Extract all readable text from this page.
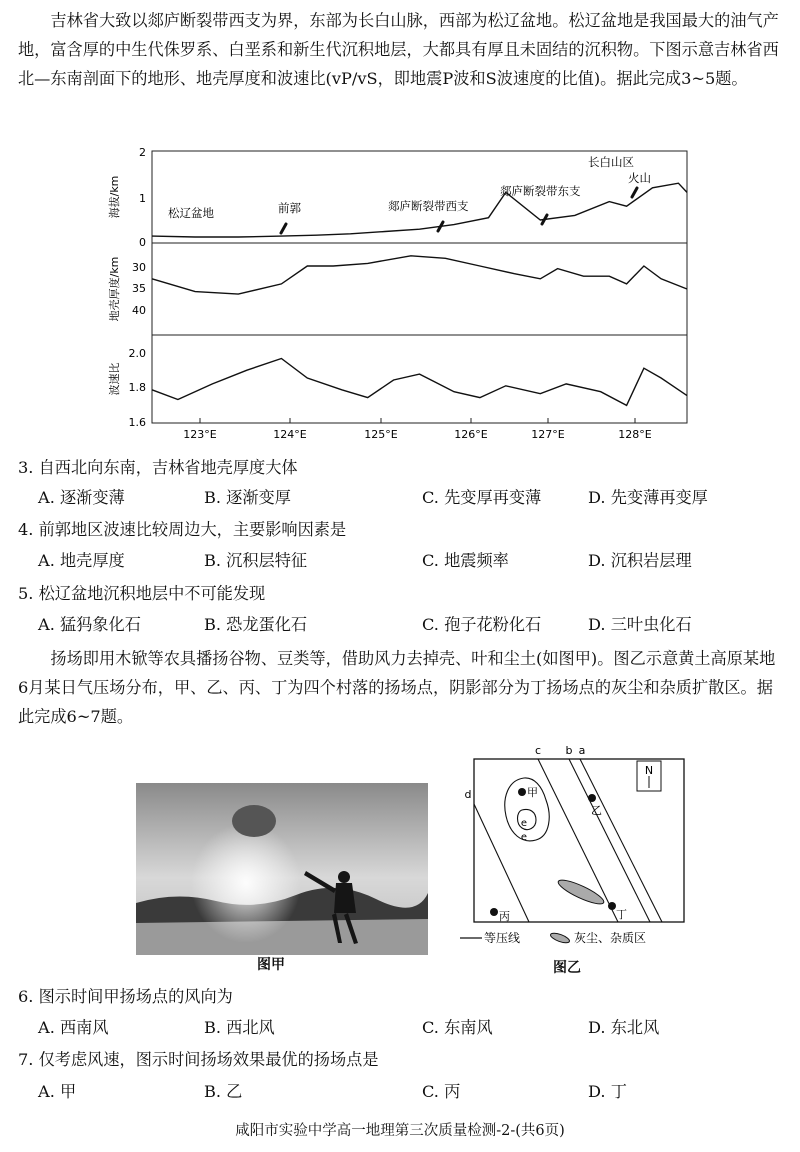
吉林省大致以郯庐断裂带西支为界，东部为长白山脉，西部为松辽盆地。松辽盆地是我国最大的油气产地，富含厚的中生代侏罗系、白垩系和新生代沉积地层，大都具有厚且未固结的沉积物。下图示意吉林省西北—东南剖面下的地形、地壳厚度和波速比(vP/vS，即地震P波和S波速度的比值)。据此完成3~5题。

海拔/km
地壳厚度/km
波速比
2
1
0
30
35
40
2.0
1.8
1.6
123°E	124°E	125°E	126°E	127°E	128°E
松辽盆地	前郭	郯庐断裂带西支
郯庐断裂带东支
长白山区
火山
3. 自西北向东南，吉林省地壳厚度大体
A. 逐渐变薄	B. 逐渐变厚	C. 先变厚再变薄	D. 先变薄再变厚
4. 前郭地区波速比较周边大，主要影响因素是
A. 地壳厚度	B. 沉积层特征	C. 地震频率	D. 沉积岩层理
5. 松辽盆地沉积地层中不可能发现
A. 猛犸象化石	B. 恐龙蛋化石	C. 孢子花粉化石	D. 三叶虫化石

扬场即用木锨等农具播扬谷物、豆类等，借助风力去掉壳、叶和尘土(如图甲)。图乙示意黄土高原某地6月某日气压场分布，甲、乙、丙、丁为四个村落的扬场点，阴影部分为丁扬场点的灰尘和杂质扩散区。据此完成6~7题。

图甲
N
c b a
d
e
e
甲
乙
丙	丁
等压线	灰尘、杂质区
图乙
6. 图示时间甲扬场点的风向为
A. 西南风	B. 西北风	C. 东南风	D. 东北风
7. 仅考虑风速，图示时间扬场效果最优的扬场点是
A. 甲	B. 乙	C. 丙	D. 丁
咸阳市实验中学高一地理第三次质量检测-2-(共6页)
